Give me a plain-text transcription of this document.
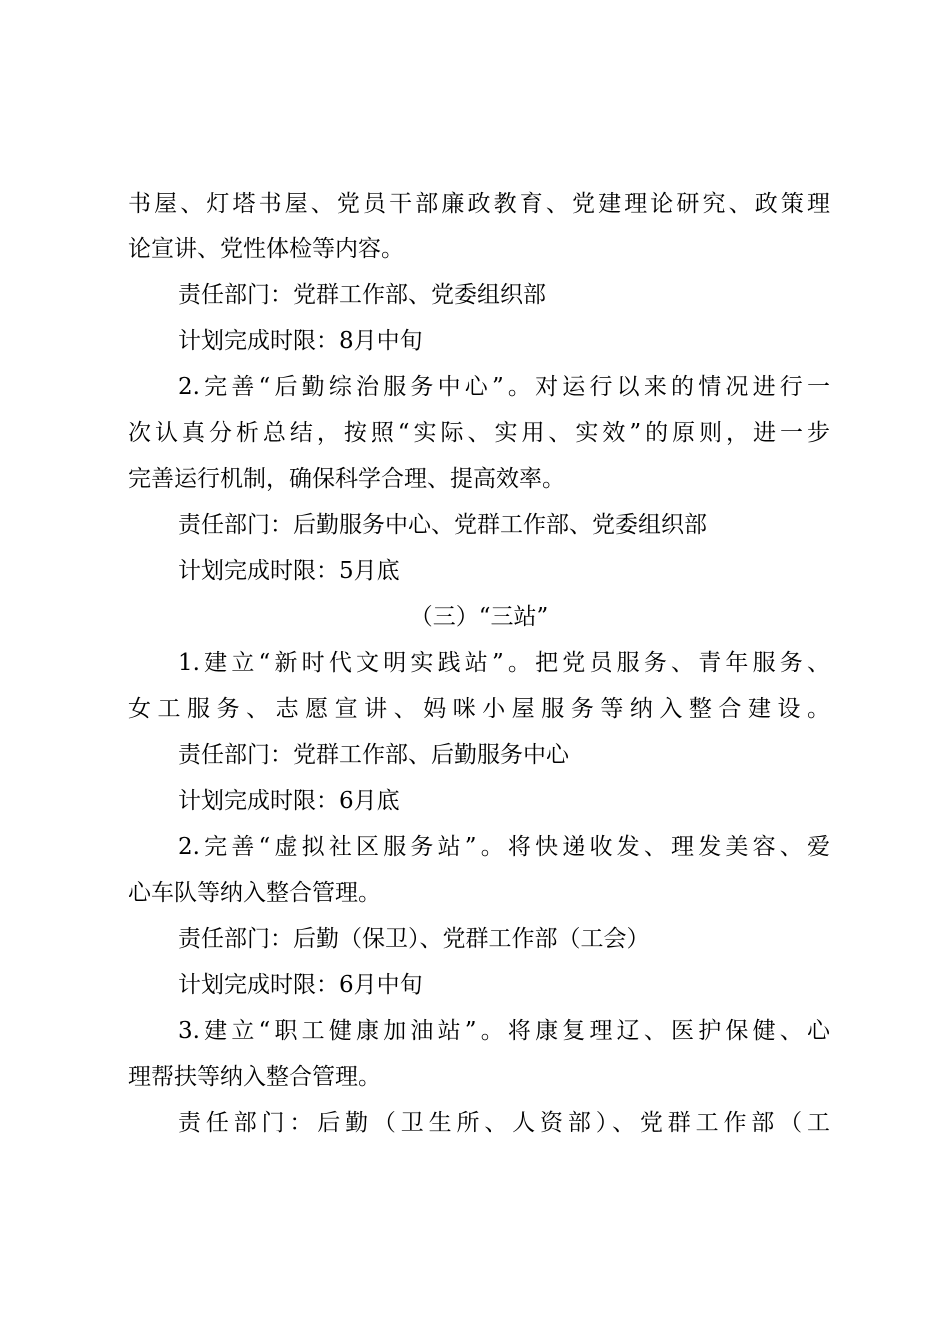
书屋、灯塔书屋、党员干部廉政教育、党建理论研究、政策理
论宣讲、党性体检等内容。
责任部门：党群工作部、党委组织部
计划完成时限：8月中旬
2.完善“后勤综治服务中心”。对运行以来的情况进行一
次认真分析总结，按照“实际、实用、实效”的原则，进一步
完善运行机制，确保科学合理、提高效率。
责任部门：后勤服务中心、党群工作部、党委组织部
计划完成时限：5月底
（三）“三站”
1.建立“新时代文明实践站”。把党员服务、青年服务、
女工服务、志愿宣讲、妈咪小屋服务等纳入整合建设。
责任部门：党群工作部、后勤服务中心
计划完成时限：6月底
2.完善“虚拟社区服务站”。将快递收发、理发美容、爱
心车队等纳入整合管理。
责任部门：后勤（保卫）、党群工作部（工会）
计划完成时限：6月中旬
3.建立“职工健康加油站”。将康复理辽、医护保健、心
理帮扶等纳入整合管理。
责任部门：后勤（卫生所、人资部）、党群工作部（工
